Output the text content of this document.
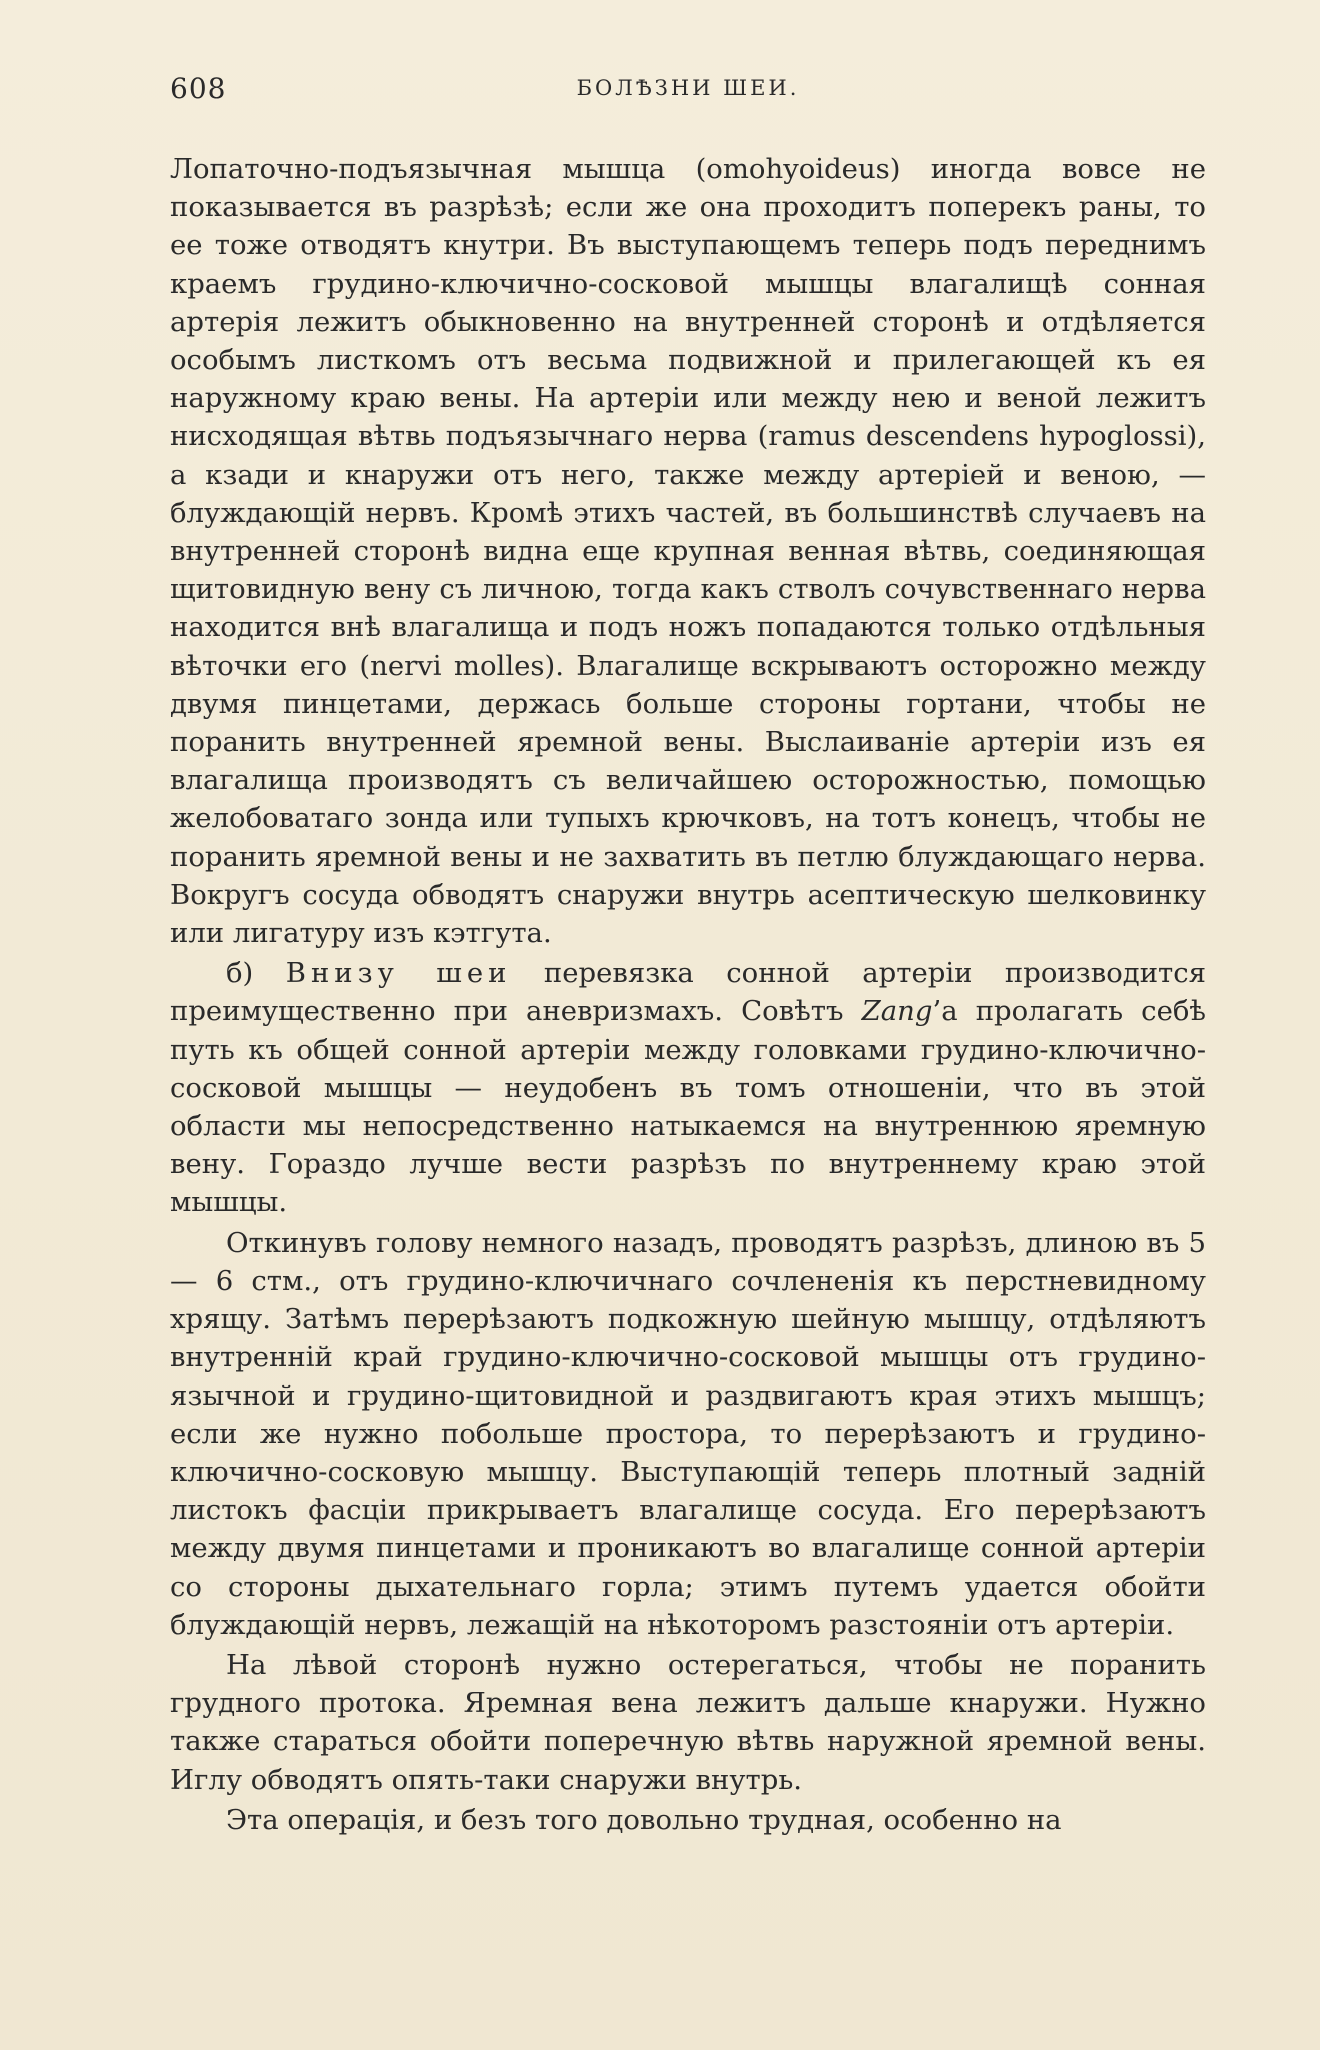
608	БОЛѢЗНИ ШЕИ.

Лопаточно-подъязычная мышца (omohyoideus) иногда вовсе не показывается въ разрѣзѣ; если же она проходитъ поперекъ раны, то ее тоже отводятъ кнутри. Въ выступающемъ теперь подъ переднимъ краемъ грудино-ключично-сосковой мышцы влагалищѣ сонная артерія лежитъ обыкновенно на внутренней сторонѣ и отдѣляется особымъ листкомъ отъ весьма подвижной и прилегающей къ ея наружному краю вены. На артеріи или между нею и веной лежитъ нисходящая вѣтвь подъязычнаго нерва (ramus descendens hypoglossi), а кзади и кнаружи отъ него, также между артеріей и веною, — блуждающій нервъ. Кромѣ этихъ частей, въ большинствѣ случаевъ на внутренней сторонѣ видна еще крупная венная вѣтвь, соединяющая щитовидную вену съ личною, тогда какъ стволъ сочувственнаго нерва находится внѣ влагалища и подъ ножъ попадаются только отдѣльныя вѣточки его (nervi molles). Влагалище вскрываютъ осторожно между двумя пинцетами, держась больше стороны гортани, чтобы не поранить внутренней яремной вены. Выслаиваніе артеріи изъ ея влагалища производятъ съ величайшею осторожностью, помощью желобоватаго зонда или тупыхъ крючковъ, на тотъ конецъ, чтобы не поранить яремной вены и не захватить въ петлю блуждающаго нерва. Вокругъ сосуда обводятъ снаружи внутрь асептическую шелковинку или лигатуру изъ кэтгута.

б) Внизу шеи перевязка сонной артеріи производится преимущественно при аневризмахъ. Совѣтъ Zang’а пролагать себѣ путь къ общей сонной артеріи между головками грудино-ключично-сосковой мышцы — неудобенъ въ томъ отношеніи, что въ этой области мы непосредственно натыкаемся на внутреннюю яремную вену. Гораздо лучше вести разрѣзъ по внутреннему краю этой мышцы.

Откинувъ голову немного назадъ, проводятъ разрѣзъ, длиною въ 5 — 6 стм., отъ грудино-ключичнаго сочлененія къ перстневидному хрящу. Затѣмъ перерѣзаютъ подкожную шейную мышцу, отдѣляютъ внутренній край грудино-ключично-сосковой мышцы отъ грудино-язычной и грудино-щитовидной и раздвигаютъ края этихъ мышцъ; если же нужно побольше простора, то перерѣзаютъ и грудино-ключично-сосковую мышцу. Выступающій теперь плотный задній листокъ фасціи прикрываетъ влагалище сосуда. Его перерѣзаютъ между двумя пинцетами и проникаютъ во влагалище сонной артеріи со стороны дыхательнаго горла; этимъ путемъ удается обойти блуждающій нервъ, лежащій на нѣкоторомъ разстояніи отъ артеріи.

На лѣвой сторонѣ нужно остерегаться, чтобы не поранить грудного протока. Яремная вена лежитъ дальше кнаружи. Нужно также стараться обойти поперечную вѣтвь наружной яремной вены. Иглу обводятъ опять-таки снаружи внутрь.

Эта операція, и безъ того довольно трудная, особенно на
